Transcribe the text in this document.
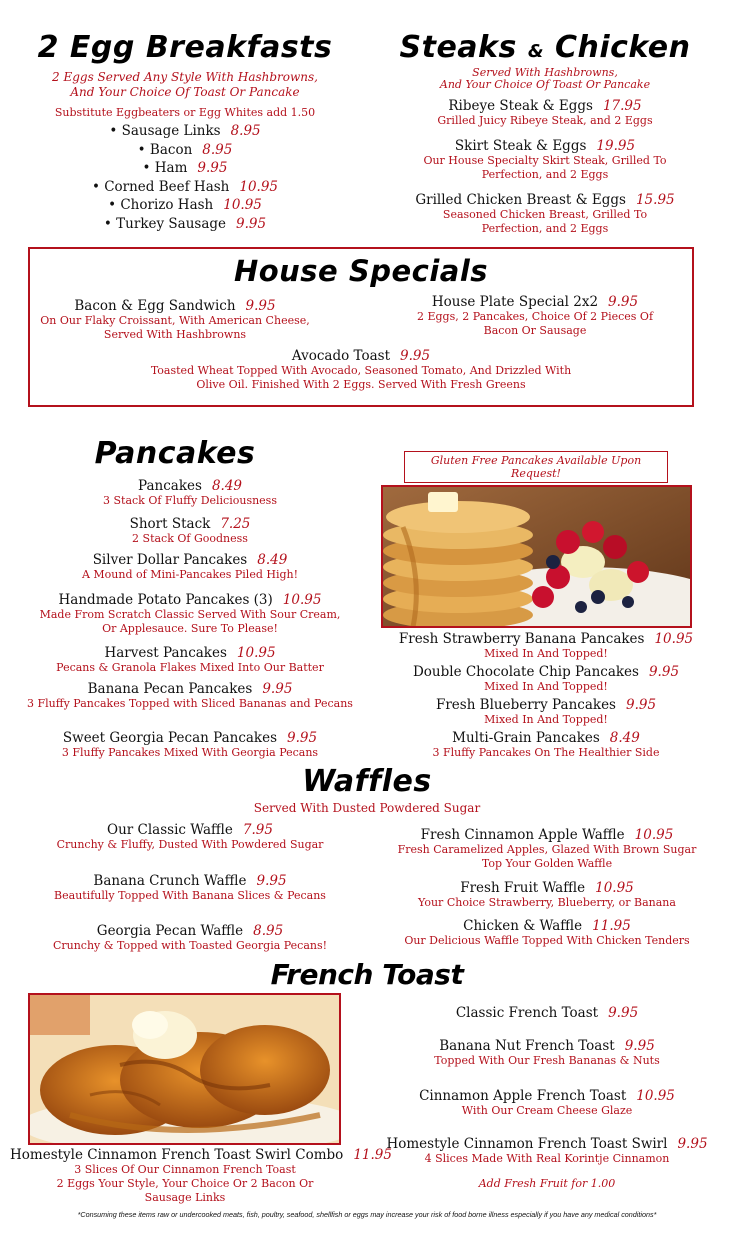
2 Egg Breakfasts
2 Eggs Served Any Style With Hashbrowns,
And Your Choice Of Toast Or Pancake
Substitute Eggbeaters or Egg Whites add 1.50
• Sausage Links 8.95
• Bacon 8.95
• Ham 9.95
• Corned Beef Hash 10.95
• Chorizo Hash 10.95
• Turkey Sausage 9.95
Steaks & Chicken
Served With Hashbrowns,
And Your Choice Of Toast Or Pancake
Ribeye Steak & Eggs 17.95
Grilled Juicy Ribeye Steak, and 2 Eggs
Skirt Steak & Eggs 19.95
Our House Specialty Skirt Steak, Grilled To
Perfection, and 2 Eggs
Grilled Chicken Breast & Eggs 15.95
Seasoned Chicken Breast, Grilled To
Perfection, and 2 Eggs
House Specials
Bacon & Egg Sandwich 9.95
On Our Flaky Croissant, With American Cheese,
Served With Hashbrowns
House Plate Special 2x2 9.95
2 Eggs, 2 Pancakes, Choice Of 2 Pieces Of
Bacon Or Sausage
Avocado Toast 9.95
Toasted Wheat Topped With Avocado, Seasoned Tomato, And Drizzled With
Olive Oil. Finished With 2 Eggs. Served With Fresh Greens
Pancakes	Gluten Free Pancakes Available Upon Request!
Pancakes 8.49
3 Stack Of Fluffy Deliciousness
Short Stack 7.25
2 Stack Of Goodness
Silver Dollar Pancakes 8.49
A Mound of Mini-Pancakes Piled High!
Handmade Potato Pancakes (3) 10.95
Made From Scratch Classic Served With Sour Cream,
Or Applesauce. Sure To Please!
Harvest Pancakes 10.95
Pecans & Granola Flakes Mixed Into Our Batter
Banana Pecan Pancakes 9.95
3 Fluffy Pancakes Topped with Sliced Bananas and Pecans
Sweet Georgia Pecan Pancakes 9.95
3 Fluffy Pancakes Mixed With Georgia Pecans
Fresh Strawberry Banana Pancakes 10.95
Mixed In And Topped!
Double Chocolate Chip Pancakes 9.95
Mixed In And Topped!
Fresh Blueberry Pancakes 9.95
Mixed In And Topped!
Multi-Grain Pancakes 8.49
3 Fluffy Pancakes On The Healthier Side
Waffles
Served With Dusted Powdered Sugar
Our Classic Waffle 7.95
Crunchy & Fluffy, Dusted With Powdered Sugar
Banana Crunch Waffle 9.95
Beautifully Topped With Banana Slices & Pecans
Georgia Pecan Waffle 8.95
Crunchy & Topped with Toasted Georgia Pecans!
Fresh Cinnamon Apple Waffle 10.95
Fresh Caramelized Apples, Glazed With Brown Sugar
Top Your Golden Waffle
Fresh Fruit Waffle 10.95
Your Choice Strawberry, Blueberry, or Banana
Chicken & Waffle 11.95
Our Delicious Waffle Topped With Chicken Tenders
French Toast
Homestyle Cinnamon French Toast Swirl Combo 11.95
3 Slices Of Our Cinnamon French Toast
2 Eggs Your Style, Your Choice Or 2 Bacon Or
Sausage Links
Classic French Toast 9.95
Banana Nut French Toast 9.95
Topped With Our Fresh Bananas & Nuts
Cinnamon Apple French Toast 10.95
With Our Cream Cheese Glaze
Homestyle Cinnamon French Toast Swirl 9.95
4 Slices Made With Real Korintje Cinnamon
Add Fresh Fruit for 1.00
*Consuming these items raw or undercooked meats, fish, poultry, seafood, shellfish or eggs may increase your risk of food borne illness especially if you have any medical conditions*
